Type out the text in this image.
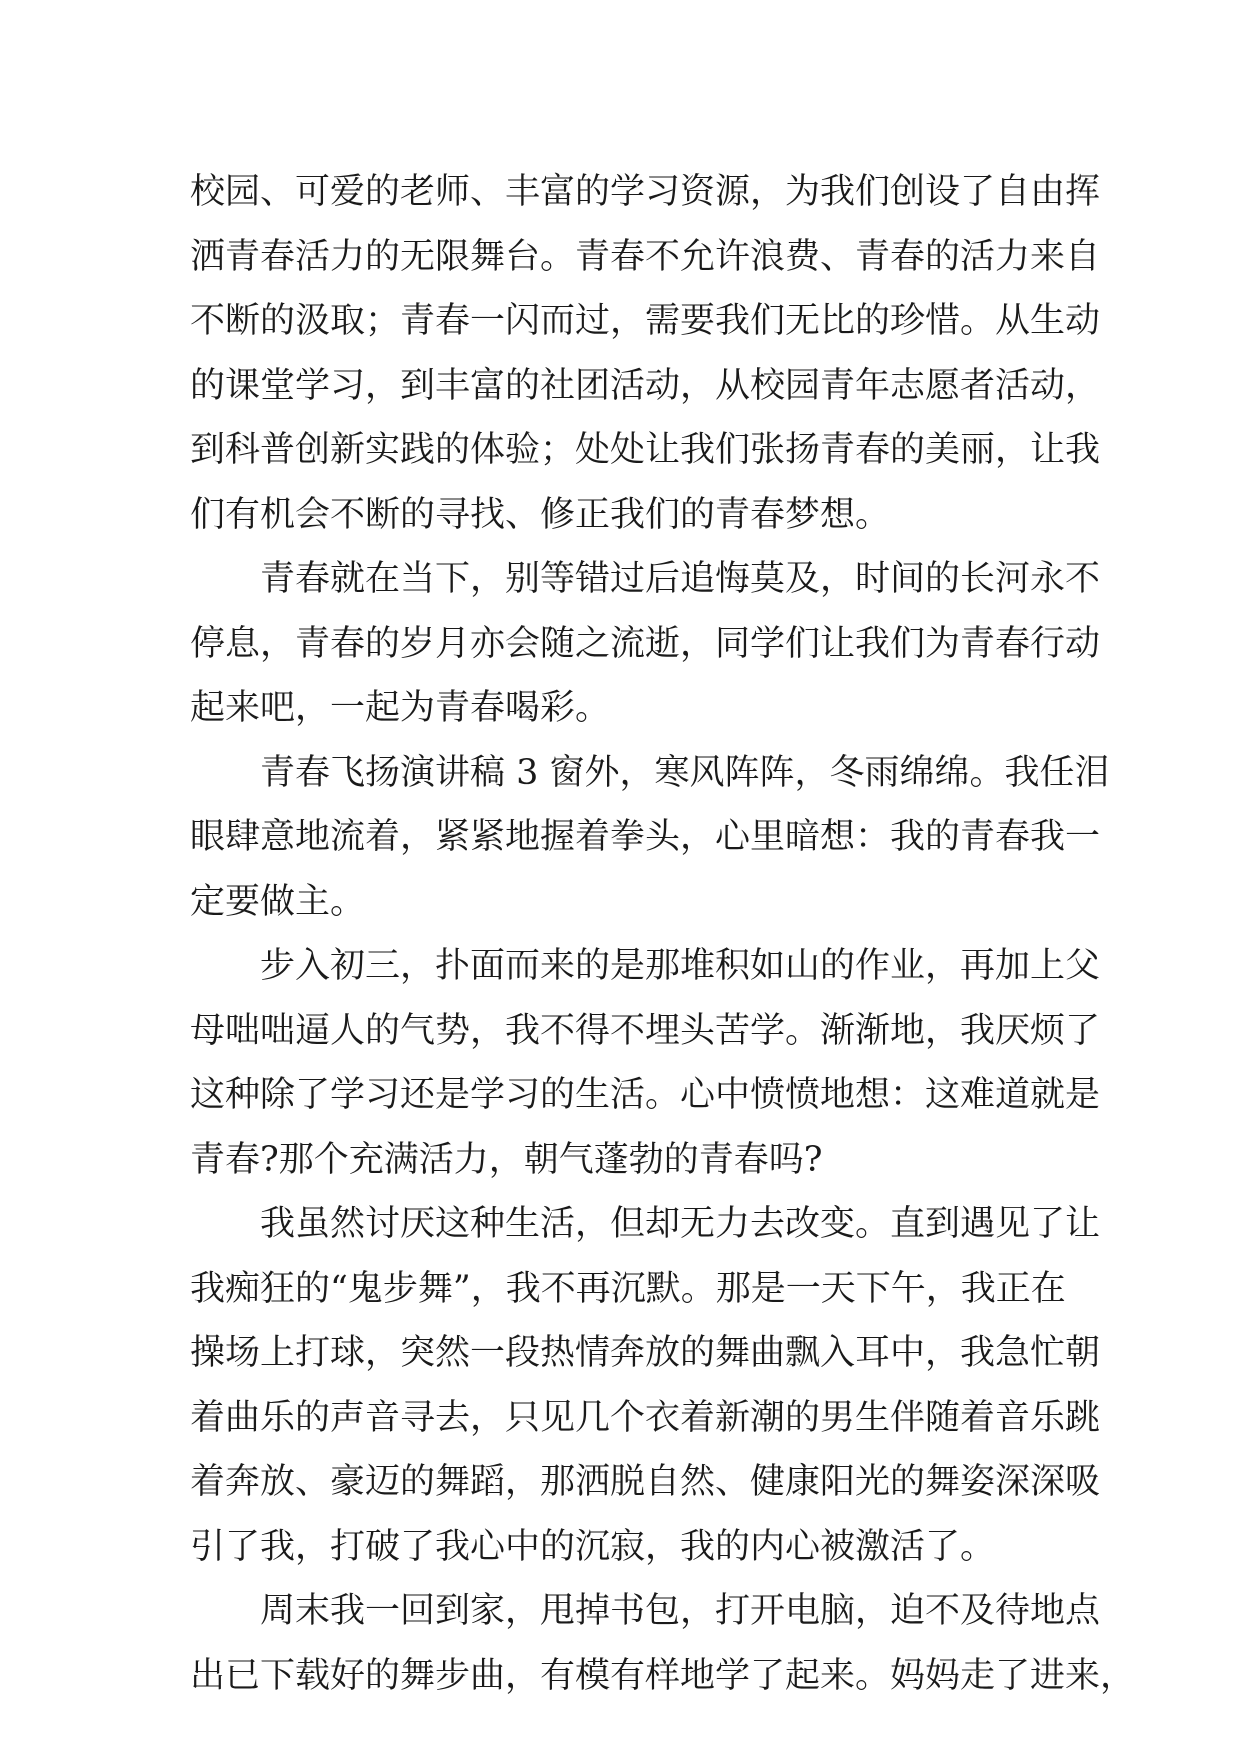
校园、可爱的老师、丰富的学习资源，为我们创设了自由挥
洒青春活力的无限舞台。青春不允许浪费、青春的活力来自
不断的汲取；青春一闪而过，需要我们无比的珍惜。从生动
的课堂学习，到丰富的社团活动，从校园青年志愿者活动，
到科普创新实践的体验；处处让我们张扬青春的美丽，让我
们有机会不断的寻找、修正我们的青春梦想。
青春就在当下，别等错过后追悔莫及，时间的长河永不
停息，青春的岁月亦会随之流逝，同学们让我们为青春行动
起来吧，一起为青春喝彩。
青春飞扬演讲稿 3 窗外，寒风阵阵，冬雨绵绵。我任泪
眼肆意地流着，紧紧地握着拳头，心里暗想：我的青春我一
定要做主。
步入初三，扑面而来的是那堆积如山的作业，再加上父
母咄咄逼人的气势，我不得不埋头苦学。渐渐地，我厌烦了
这种除了学习还是学习的生活。心中愤愤地想：这难道就是
青春?那个充满活力，朝气蓬勃的青春吗?
我虽然讨厌这种生活，但却无力去改变。直到遇见了让
我痴狂的“鬼步舞”，我不再沉默。那是一天下午，我正在
操场上打球，突然一段热情奔放的舞曲飘入耳中，我急忙朝
着曲乐的声音寻去，只见几个衣着新潮的男生伴随着音乐跳
着奔放、豪迈的舞蹈，那洒脱自然、健康阳光的舞姿深深吸
引了我，打破了我心中的沉寂，我的内心被激活了。
周末我一回到家，甩掉书包，打开电脑，迫不及待地点
出已下载好的舞步曲，有模有样地学了起来。妈妈走了进来，
